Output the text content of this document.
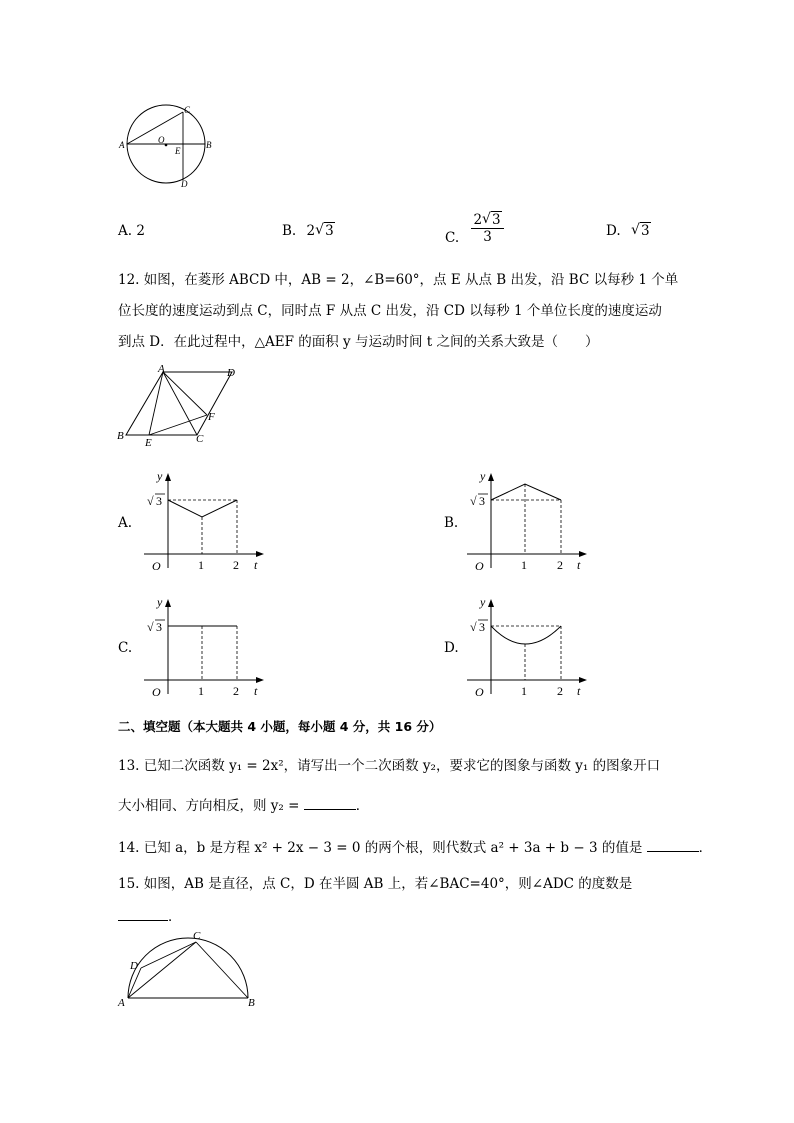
A	B
C
D
O
E
A. 2	B. 2 √ 3	C. $\frac{2 √ 3}{3}$	D. √ 3
12. 如图，在菱形 ABCD 中，AB = 2，∠B=60°，点 E 从点 B 出发，沿 BC 以每秒 1 个单
位长度的速度运动到点 C，同时点 F 从点 C 出发，沿 CD 以每秒 1 个单位长度的速度运动
到点 D．在此过程中，△AEF 的面积 y 与运动时间 t 之间的关系大致是（　　）
A	D
B	C
E
F
A.
y
t
O	1 2
√ 3
B.
y
t
O	1	2
√ 3
C.
y
t
O	1 2
√ 3
D.
y
t
O	1	2
√ 3
二、填空题（本大题共 4 小题，每小题 4 分，共 16 分）
13. 已知二次函数 y₁ = 2x²，请写出一个二次函数 y₂，要求它的图象与函数 y₁ 的图象开口
大小相同、方向相反，则 y₂ =	．
14. 已知 a，b 是方程 x² + 2x − 3 = 0 的两个根，则代数式 a² + 3a + b − 3 的值是	．
15. 如图，AB 是直径，点 C，D 在半圆 AB 上，若∠BAC=40°，则∠ADC 的度数是
．
A	B
C
D
